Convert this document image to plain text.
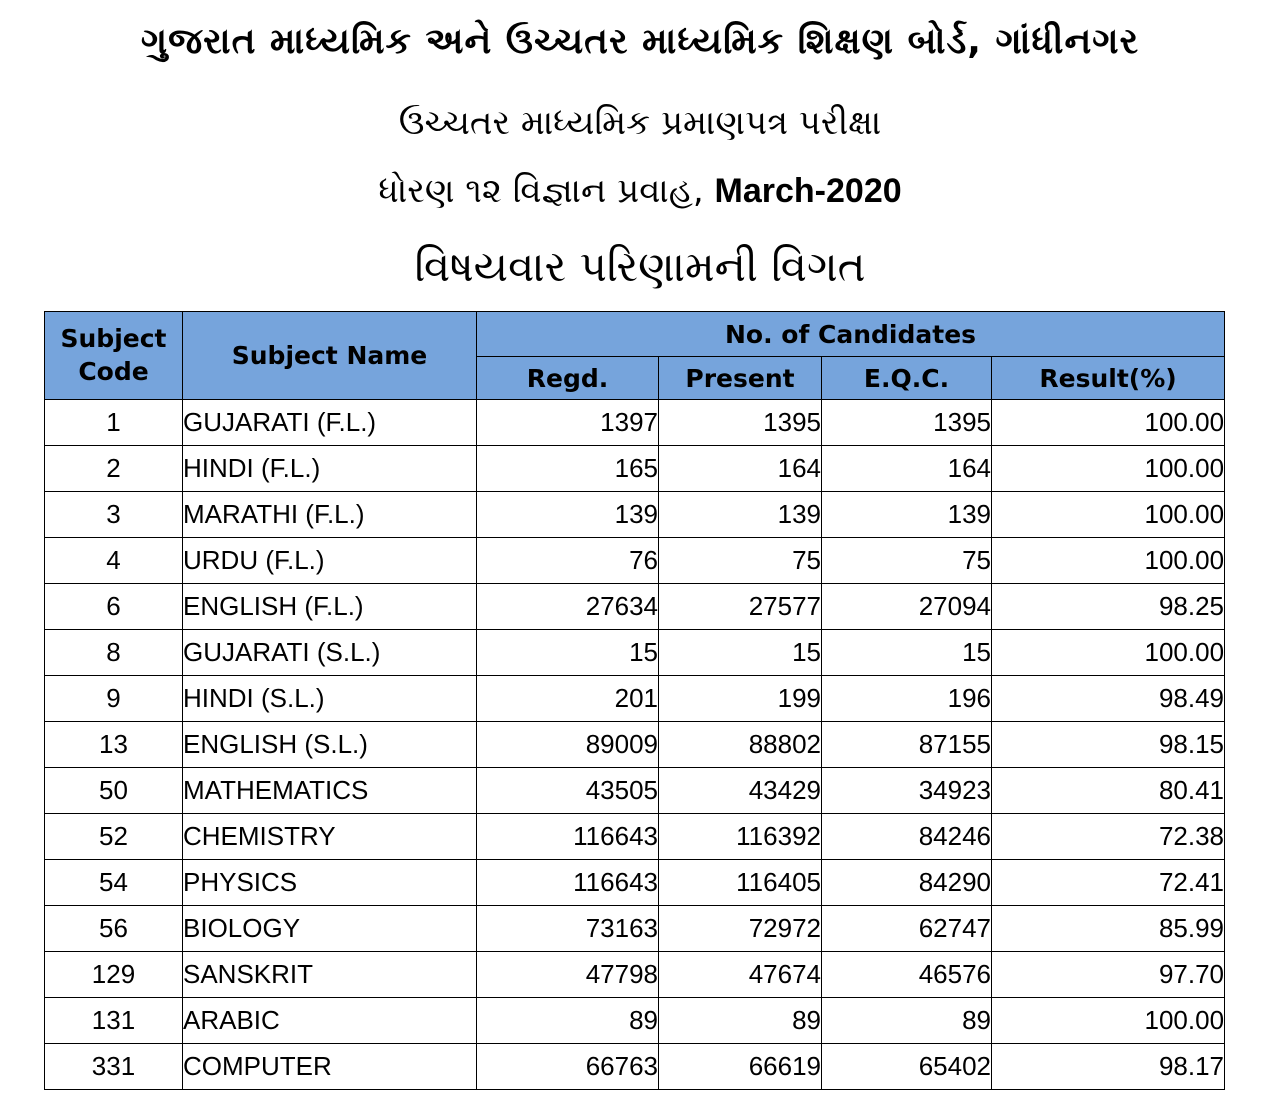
ગુજરાત માધ્યમિક અને ઉચ્ચતર માધ્યમિક શિક્ષણ બોર્ડ, ગાંધીનગર
ઉચ્ચતર માધ્યમિક પ્રમાણપત્ર પરીક્ષા
ધોરણ ૧૨ વિજ્ઞાન પ્રવાહ, March-2020
વિષયવાર પરિણામની વિગત
Subject
Code	Subject Name	No. of Candidates			
		Regd.	Present	E.Q.C.	Result(%)
1	GUJARATI (F.L.)	1397	1395	1395	100.00
2	HINDI (F.L.)	165	164	164	100.00
3	MARATHI (F.L.)	139	139	139	100.00
4	URDU (F.L.)	76	75	75	100.00
6	ENGLISH (F.L.)	27634	27577	27094	98.25
8	GUJARATI (S.L.)	15	15	15	100.00
9	HINDI (S.L.)	201	199	196	98.49
13	ENGLISH (S.L.)	89009	88802	87155	98.15
50	MATHEMATICS	43505	43429	34923	80.41
52	CHEMISTRY	116643	116392	84246	72.38
54	PHYSICS	116643	116405	84290	72.41
56	BIOLOGY	73163	72972	62747	85.99
129	SANSKRIT	47798	47674	46576	97.70
131	ARABIC	89	89	89	100.00
331	COMPUTER	66763	66619	65402	98.17
